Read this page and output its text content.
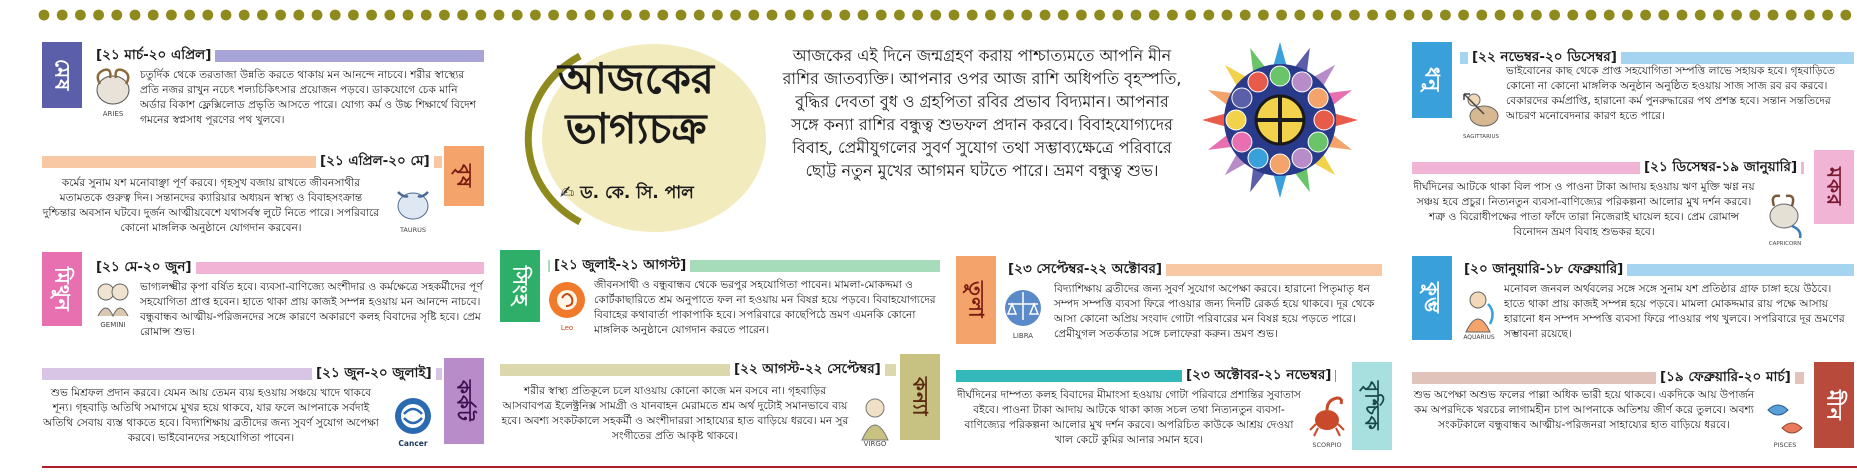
মেষ
[২১ মার্চ-২০ এপ্রিল]
ARIES
চতুর্দিক থেকে তরতাজা উন্নতি করতে থাকায় মন আনন্দে নাচবে। শরীর স্বাস্থ্যের প্রতি নজর রাখুন নচেৎ শল্যচিকিৎসার প্রয়োজন পড়বে। ডাকযোগে চেক মানি অর্ডার বিকাশ ফ্লেক্সিলোড প্রভৃতি আসতে পারে। যোগ্য কর্ম ও উচ্চ শিক্ষার্থে বিদেশ গমনের স্বপ্নসাধ পূরণের পথ খুলবে।
[২১ এপ্রিল-২০ মে]
বৃষ
কর্মের সুনাম যশ মনোবাঞ্ছা পূর্ণ করবে। গৃহসুখ বজায় রাখতে জীবনসাথীর মতামতকে গুরুত্ব দিন। সন্তানদের ক্যারিয়ার অধ্যয়ন স্বাস্থ্য ও বিবাহসংক্রান্ত দুশ্চিন্তার অবসান ঘটবে। দুর্জন আত্মীয়বেশে যথাসর্বস্ব লুটে নিতে পারে। সপরিবারে কোনো মাঙ্গলিক অনুষ্ঠানে যোগদান করবেন।	TAURUS
মিথুন [২১ মে-২০ জুন]
GEMINI
ভাগ্যলক্ষ্মীর কৃপা বর্ষিত হবে। ব্যবসা-বাণিজ্যে অংশীদার ও কর্মক্ষেত্রে সহকর্মীদের পূর্ণ সহযোগিতা প্রাপ্ত হবেন। হাতে থাকা প্রায় কাজই সম্পন্ন হওয়ায় মন আনন্দে নাচবে। বন্ধুবান্ধব আত্মীয়-পরিজনদের সঙ্গে কারণে অকারণে কলহ বিবাদের সৃষ্টি হবে। প্রেম রোমান্স শুভ।
[২১ জুন-২০ জুলাই]
কর্কট
শুভ মিশ্রফল প্রদান করবে। যেমন আয় তেমন ব্যয় হওয়ায় সঞ্চয়ে খাদে থাকবে শূন্য। গৃহবাড়ি অতিথি সমাগমে মুখর হয়ে থাকবে, যার ফলে আপনাকে সর্বদাই অতিথি সেবায় ব্যস্ত থাকতে হবে। বিদ্যাশিক্ষায় ব্রতীদের জন্য সুবর্ণ সুযোগ অপেক্ষা করবে। ভাইবোনদের সহযোগিতা পাবেন।	Cancer
আজকের
ভাগ্যচক্র
✍ ড. কে. সি. পাল
আজকের এই দিনে জন্মগ্রহণ করায় পাশ্চাত্যমতে আপনি মীন রাশির জাতব্যক্তি। আপনার ওপর আজ রাশি অধিপতি বৃহস্পতি, বুদ্ধির দেবতা বুধ ও গ্রহপিতা রবির প্রভাব বিদ্যমান। আপনার সঙ্গে কন্যা রাশির বন্ধুত্ব শুভফল প্রদান করবে। বিবাহযোগ্যদের বিবাহ, প্রেমীযুগলের সুবর্ণ সুযোগ তথা সম্ভাব্যক্ষেত্রে পরিবারে ছোট্ট নতুন মুখের আগমন ঘটতে পারে। ভ্রমণ বন্ধুত্ব শুভ।
সিংহ
[২১ জুলাই-২১ আগস্ট]
Leo
জীবনসাথী ও বন্ধুবান্ধব থেকে ভরপুর সহযোগিতা পাবেন। মামলা-মোকদ্দমা ও কোর্টকাছারিতে শ্রম অনুপাতে ফল না হওয়ায় মন বিষণ্ণ হয়ে পড়বে। বিবাহযোগ্যদের বিবাহের কথাবার্তা পাকাপাকি হবে। সপরিবারে কাছেপিঠে ভ্রমণ এমনকি কোনো মাঙ্গলিক অনুষ্ঠানে যোগদান করতে পারেন।
[২২ আগস্ট-২২ সেপ্টেম্বর]
কন্যা
শরীর স্বাস্থ্য প্রতিকূলে চলে যাওয়ায় কোনো কাজে মন বসবে না। গৃহবাড়ির আসবাবপত্র ইলেক্ট্রনিক্স সামগ্রী ও যানবাহন মেরামতে শ্রম অর্থ দুটোই সমানভাবে ব্যয় হবে। অবশ্য সংকটকালে সহকর্মী ও অংশীদাররা সাহায্যের হাত বাড়িয়ে ধরবে। মন সুর সংগীতের প্রতি আকৃষ্ট থাকবে।
VIRGO
তুলা
[২৩ সেপ্টেম্বর-২২ অক্টোবর]
LIBRA
বিদ্যাশিক্ষায় ব্রতীদের জন্য সুবর্ণ সুযোগ অপেক্ষা করবে। হারানো পিতৃমাতৃ ধন সম্পদ সম্পত্তি ব্যবসা ফিরে পাওয়ার জন্য দিনটি রেকর্ড হয়ে থাকবে। দূর থেকে আসা কোনো অপ্রিয় সংবাদ গোটা পরিবারের মন বিষণ্ণ হয়ে পড়তে পারে। প্রেমীযুগল সতর্কতার সঙ্গে চলাফেরা করুন। ভ্রমণ শুভ।
[২৩ অক্টোবর-২১ নভেম্বর]
বৃশ্চিক
দীর্ঘদিনের দাম্পত্য কলহ বিবাদের মীমাংসা হওয়ায় গোটা পরিবারে প্রশান্তির সুবাতাস বইবে। পাওনা টাকা আদায় আটকে থাকা কাজ সচল তথা নিত্যনতুন ব্যবসা-বাণিজ্যের পরিকল্পনা আলোর মুখ দর্শন করবে। অপরিচিত কাউকে আশ্রয় দেওয়া খাল কেটে কুমির আনার সমান হবে।	SCORPIO
ধনু
[২২ নভেম্বর-২০ ডিসেম্বর]
SAGITTARIUS
ভাইবোনের কাছ থেকে প্রাপ্ত সহযোগিতা সম্পত্তি লাভে সহায়ক হবে। গৃহবাড়িতে কোনো না কোনো মাঙ্গলিক অনুষ্ঠান অনুষ্ঠিত হওয়ায় সাজ সাজ রব রব করবে। বেকারদের কর্মপ্রাপ্তি, হারানো কর্ম পুনরুদ্ধারের পথ প্রশস্ত হবে। সন্তান সন্ততিদের আচরণ মনোবেদনার কারণ হতে পারে।
[২১ ডিসেম্বর-১৯ জানুয়ারি]
মকর
দীর্ঘদিনের আটকে থাকা বিল পাস ও পাওনা টাকা আদায় হওয়ায় ঋণ মুক্তি ঋণ্ণ নয় সঞ্চয় হবে প্রচুর। নিত্যনতুন ব্যবসা-বাণিজ্যের পরিকল্পনা আলোর মুখ দর্শন করবে। শত্রু ও বিরোধীপক্ষের পাতা ফাঁদে তারা নিজেরাই ঘায়েল হবে। প্রেম রোমান্স বিনোদন ভ্রমণ বিবাহ শুভকর হবে।
CAPRICORN
কুম্ভ
[২০ জানুয়ারি-১৮ ফেব্রুয়ারি]
AQUARIUS
মনোবল জনবল অর্থবলের সঙ্গে সঙ্গে সুনাম যশ প্রতিষ্ঠার গ্রাফ চাঙ্গা হয়ে উঠবে। হাতে থাকা প্রায় কাজই সম্পন্ন হয়ে পড়বে। মামলা মোকদ্দমার রায় পক্ষে আসায় হারানো ধন সম্পদ সম্পত্তি ব্যবসা ফিরে পাওয়ার পথ খুলবে। সপরিবারে দূর ভ্রমণের সম্ভাবনা রয়েছে।
[১৯ ফেব্রুয়ারি-২০ মার্চ]
মীন
শুভ অপেক্ষা অশুভ ফলের পাল্লা অধিক ভারী হয়ে থাকবে। একদিকে আয় উপার্জন কম অপরদিকে খরচের লাগামহীন চাপ আপনাকে অতিশয় জীর্ণ করে তুলবে। অবশ্য সংকটকালে বন্ধুবান্ধব আত্মীয়-পরিজনরা সাহায্যের হাত বাড়িয়ে ধরবে।
PISCES
